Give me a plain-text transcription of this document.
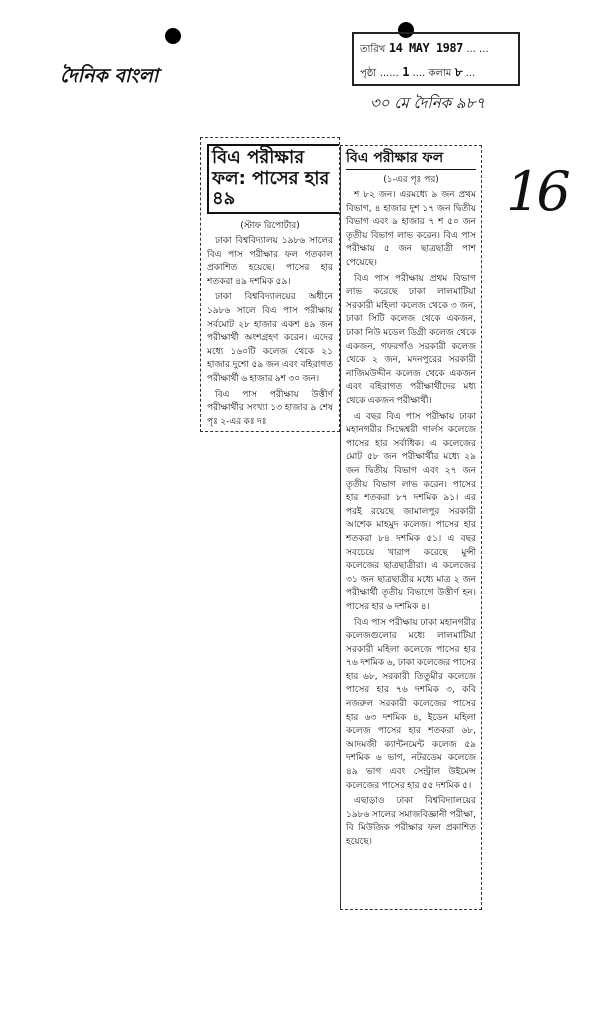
দৈনিক বাংলা
তারিখ 14 MAY 1987 ... ...
পৃষ্ঠা ...... 1 .... কলাম ৮ ...
৩০ মে দৈনিক ৯৮৭
16
বিএ পরীক্ষার ফল: পাসের হার ৪৯
(স্টাফ রিপোর্টার)

ঢাকা বিশ্ববিদ্যালয় ১৯৮৬ সালের বিএ পাস পরীক্ষার ফল গতকাল প্রকাশিত হয়েছে। পাসের হার শতকরা ৪৯ দশমিক ৫৯।

ঢাকা বিশ্ববিদ্যালয়ের অধীনে ১৯৮৬ সালে বিএ পাস পরীক্ষায় সর্বমোট ২৮ হাজার একশ ৪৯ জন পরীক্ষার্থী অংশগ্রহণ করেন। এদের মধ্যে ১৬০টি কলেজ থেকে ২১ হাজার দুশো ৫৯ জন এবং বহিরাগত পরীক্ষার্থী ৬ হাজার ৯শ ৩০ জন।

বিএ পাস পরীক্ষায় উত্তীর্ণ পরীক্ষার্থীর সংখ্যা ১৩ হাজার ৯ শেষ পৃঃ ২-এর কঃ দঃ

বিএ পরীক্ষার ফল
(১-এর পৃঃ পর)

শ ৮২ জন। এরমধ্যে ৯ জন প্রথম বিভাগ, ৪ হাজার দুশ ১৭ জন দ্বিতীয় বিভাগ এবং ৯ হাজার ৭ শ ৫০ জন তৃতীয় বিভাগ লাভ করেন। বিএ পাস পরীক্ষায় ৫ জন ছাত্রছাত্রী পাশ পেয়েছে।

বিএ পাস পরীক্ষায় প্রথম বিভাগ লাভ করেছে ঢাকা লালমাটিয়া সরকারী মহিলা কলেজ থেকে ৩ জন, ঢাকা সিটি কলেজ থেকে একজন, ঢাকা নিউ মডেল ডিগ্রী কলেজ থেকে একজন, গফরগাঁও সরকারী কলেজ থেকে ২ জন, মদনপুরের সরকারী নাজিমউদ্দীন কলেজ থেকে একজন এবং বহিরাগত পরীক্ষার্থীদের মধ্য থেকে একজন পরীক্ষার্থী।

এ বছর বিএ পাস পরীক্ষায় ঢাকা মহানগরীর সিদ্ধেশ্বরী গার্লস কলেজে পাসের হার সর্বাধিক। এ কলেজের মোট ৫৮ জন পরীক্ষার্থীর মধ্যে ২৯ জন দ্বিতীয় বিভাগ এবং ২৭ জন তৃতীয় বিভাগ লাভ করেন। পাসের হার শতকরা ৮৭ দশমিক ৯১। এর পরই রয়েছে জামালপুর সরকারী আশেক মাহমুদ কলেজ। পাসের হার শতকরা ৮৪ দশমিক ৫১। এ বছর সবচেয়ে খারাপ করেছে মুন্সী কলেজের ছাত্রছাত্রীরা। এ কলেজের ৩১ জন ছাত্রছাত্রীর মধ্যে মাত্র ২ জন পরীক্ষার্থী তৃতীয় বিভাগে উত্তীর্ণ হন। পাসের হার ৬ দশমিক ৪।

বিএ পাস পরীক্ষায় ঢাকা মহানগরীর কলেজগুলোর মধ্যে লালমাটিয়া সরকারী মহিলা কলেজে পাসের হার ৭৬ দশমিক ৬, ঢাকা কলেজের পাসের হার ৬৮, সরকারী তিতুমীর কলেজে পাসের হার ৭৬ দশমিক ৩, কবি নজরুল সরকারী কলেজের পাসের হার ৬৩ দশমিক ৪, ইডেন মহিলা কলেজ পাসের হার শতকরা ৬৮, আদমজী ক্যান্টনমেন্ট কলেজ ৫৯ দশমিক ৬ ভাগ, নটরডেম কলেজে ৪৯ ভাগ এবং সেন্ট্রাল উইমেন্স কলেজের পাসের হার ৫৫ দশমিক ৫।

এছাড়াও ঢাকা বিশ্ববিদ্যালয়ের ১৯৮৬ সালের সমাজবিজ্ঞানী পরীক্ষা, বি মিউজিক পরীক্ষার ফল প্রকাশিত হয়েছে।
